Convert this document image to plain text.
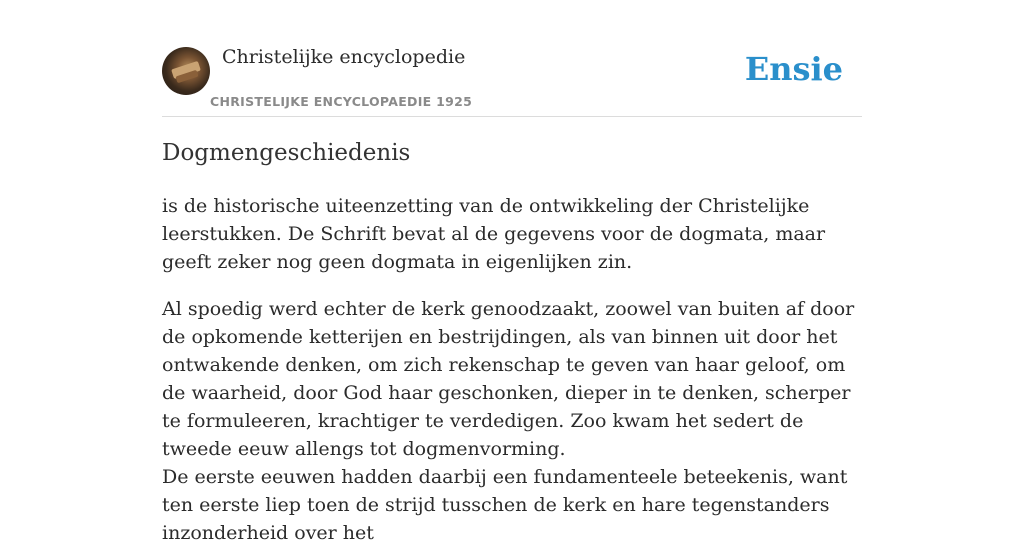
Christelijke encyclopedie
CHRISTELIJKE ENCYCLOPAEDIE 1925
Ensie
Dogmengeschiedenis

is de historische uiteenzetting van de ontwikkeling der Christelijke leerstukken. De Schrift bevat al de gegevens voor de dogmata, maar geeft zeker nog geen dogmata in eigenlijken zin.

Al spoedig werd echter de kerk genoodzaakt, zoowel van buiten af door de opkomende ketterijen en bestrijdingen, als van binnen uit door het ontwakende denken, om zich rekenschap te geven van haar geloof, om de waarheid, door God haar geschonken, dieper in te denken, scherper te formuleeren, krachtiger te verdedigen. Zoo kwam het sedert de tweede eeuw allengs tot dogmenvorming.

De eerste eeuwen hadden daarbij een fundamenteele beteekenis, want ten eerste liep toen de strijd tusschen de kerk en hare tegenstanders inzonderheid over het
